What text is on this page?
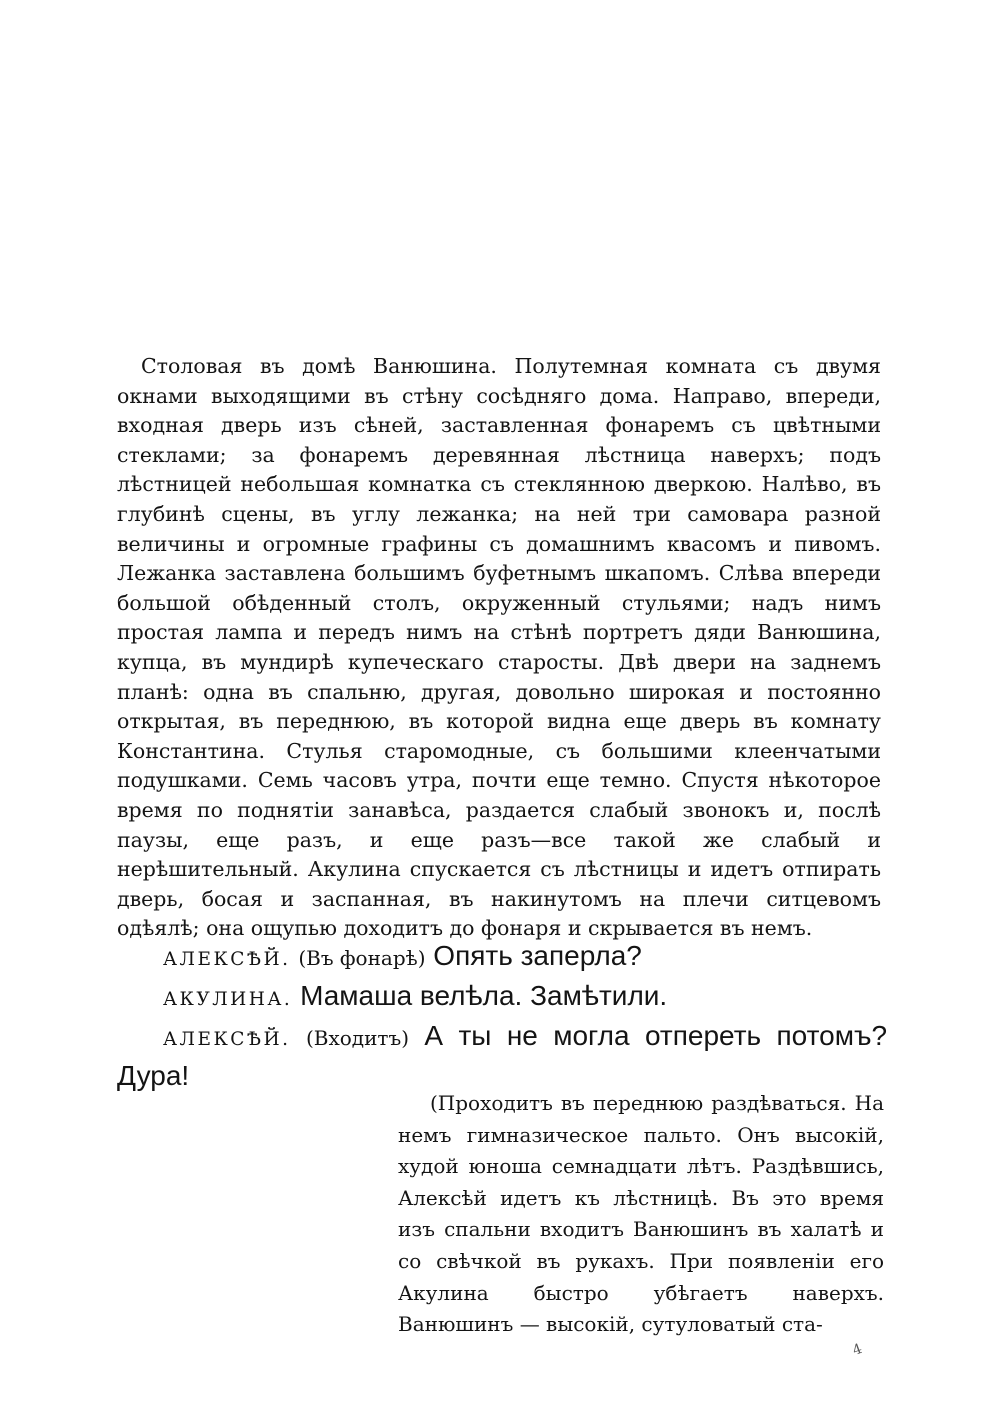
Столовая въ домѣ Ванюшина. Полутемная комната съ двумя окнами выходящими въ стѣну сосѣдняго дома. Направо, впереди, входная дверь изъ сѣней, заставленная фонаремъ съ цвѣтными стеклами; за фонаремъ деревянная лѣстница наверхъ; подъ лѣстницей небольшая комнатка съ стеклянною дверкою. Налѣво, въ глубинѣ сцены, въ углу лежанка; на ней три самовара разной величины и огромные графины съ домашнимъ квасомъ и пивомъ. Лежанка заставлена большимъ буфетнымъ шкапомъ. Слѣва впереди большой обѣденный столъ, окруженный стульями; надъ нимъ простая лампа и передъ нимъ на стѣнѣ портретъ дяди Ванюшина, купца, въ мундирѣ купеческаго старосты. Двѣ двери на заднемъ планѣ: одна въ спальню, другая, довольно широкая и постоянно открытая, въ переднюю, въ которой видна еще дверь въ комнату Константина. Стулья старомодные, съ большими клеенчатыми подушками. Семь часовъ утра, почти еще темно. Спустя нѣкоторое время по поднятіи занавѣса, раздается слабый звонокъ и, послѣ паузы, еще разъ, и еще разъ—все такой же слабый и нерѣшительный. Акулина спускается съ лѣстницы и идетъ отпирать дверь, босая и заспанная, въ накинутомъ на плечи ситцевомъ одѣялѣ; она ощупью доходитъ до фонаря и скрывается въ немъ.

АЛЕКСѢЙ. (Въ фонарѣ) Опять заперла?

АКУЛИНА. Мамаша велѣла. Замѣтили.

АЛЕКСѢЙ. (Входитъ) А ты не могла отпереть потомъ? Дура!

(Проходитъ въ переднюю раздѣваться. На немъ гимназическое пальто. Онъ высокій, худой юноша семнадцати лѣтъ. Раздѣвшись, Алексѣй идетъ къ лѣстницѣ. Въ это время изъ спальни входитъ Ванюшинъ въ халатѣ и со свѣчкой въ рукахъ. При появленіи его Акулина быстро убѣгаетъ наверхъ. Ванюшинъ — высокій, сутуловатый ста-

4
